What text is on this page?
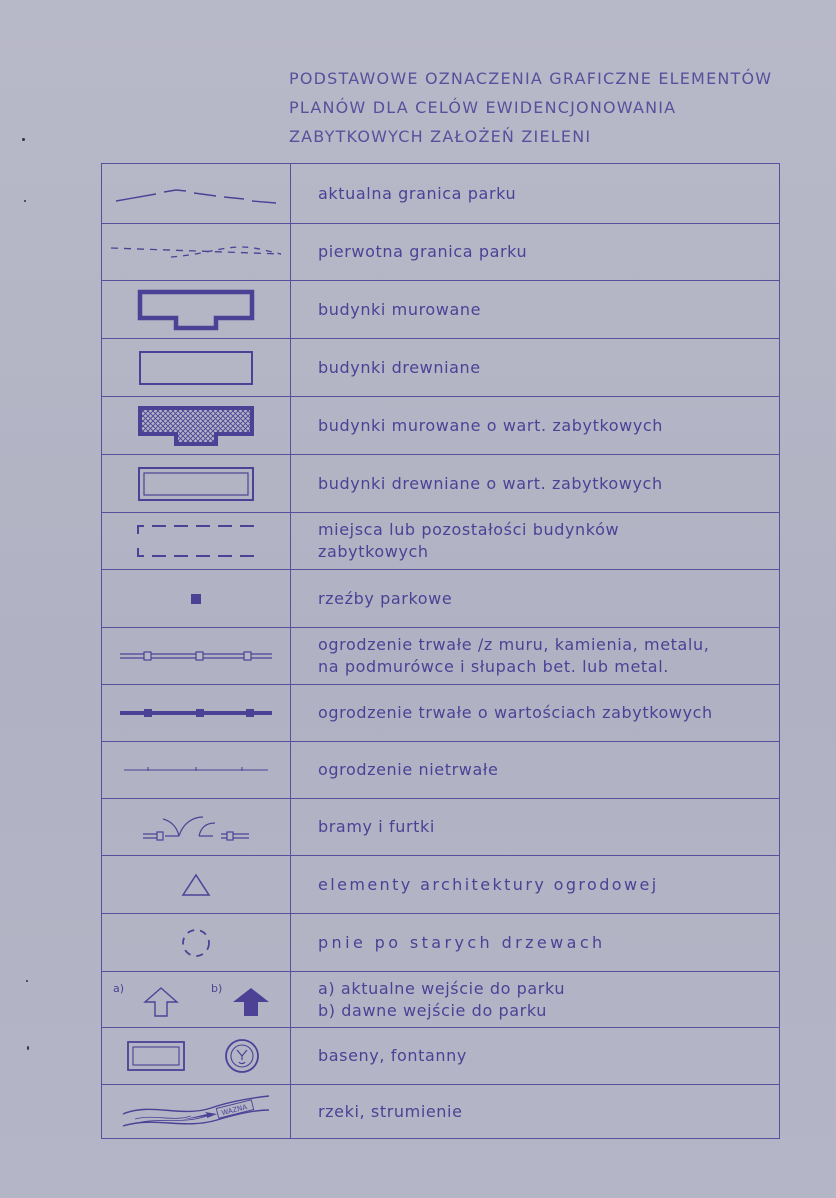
PODSTAWOWE OZNACZENIA GRAFICZNE ELEMENTÓW
PLANÓW DLA CELÓW EWIDENCJONOWANIA
ZABYTKOWYCH ZAŁOŻEŃ ZIELENI
aktualna granica parku
pierwotna granica parku
budynki murowane
budynki drewniane
budynki murowane o wart. zabytkowych
budynki drewniane o wart. zabytkowych
miejsca lub pozostałości budynków
zabytkowych
rzeźby parkowe
ogrodzenie trwałe /z muru, kamienia, metalu,
na podmurówce i słupach bet. lub metal.
ogrodzenie trwałe o wartościach zabytkowych
ogrodzenie nietrwałe
bramy i furtki
elementy architektury ogrodowej
pnie po starych drzewach
a)	b)	a) aktualne wejście do parku
b) dawne wejście do parku
baseny, fontanny
WAZNA	rzeki, strumienie
